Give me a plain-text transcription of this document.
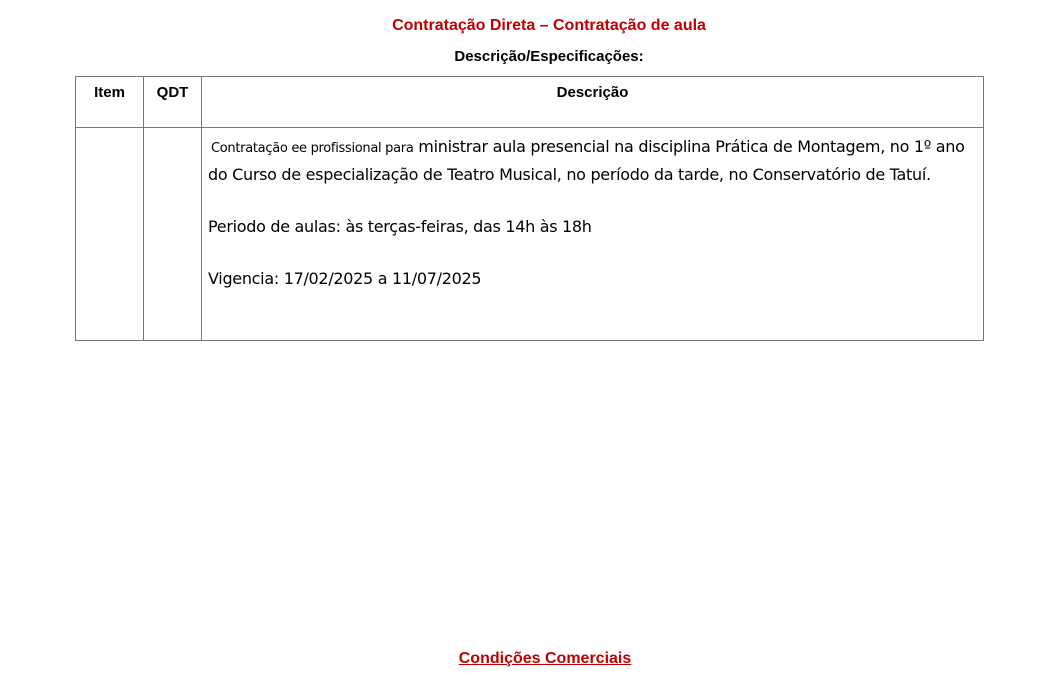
Contratação Direta – Contratação de aula
Descrição/Especificações:
Item	QDT	Descrição

		Contratação ee profissional para ministrar aula presencial na disciplina Prática de Montagem, no 1º ano do Curso de especialização de Teatro Musical, no período da tarde, no Conservatório de Tatuí.

Periodo de aulas: às terças-feiras, das 14h às 18h

Vigencia: 17/02/2025 a 11/07/2025

Condições Comerciais
